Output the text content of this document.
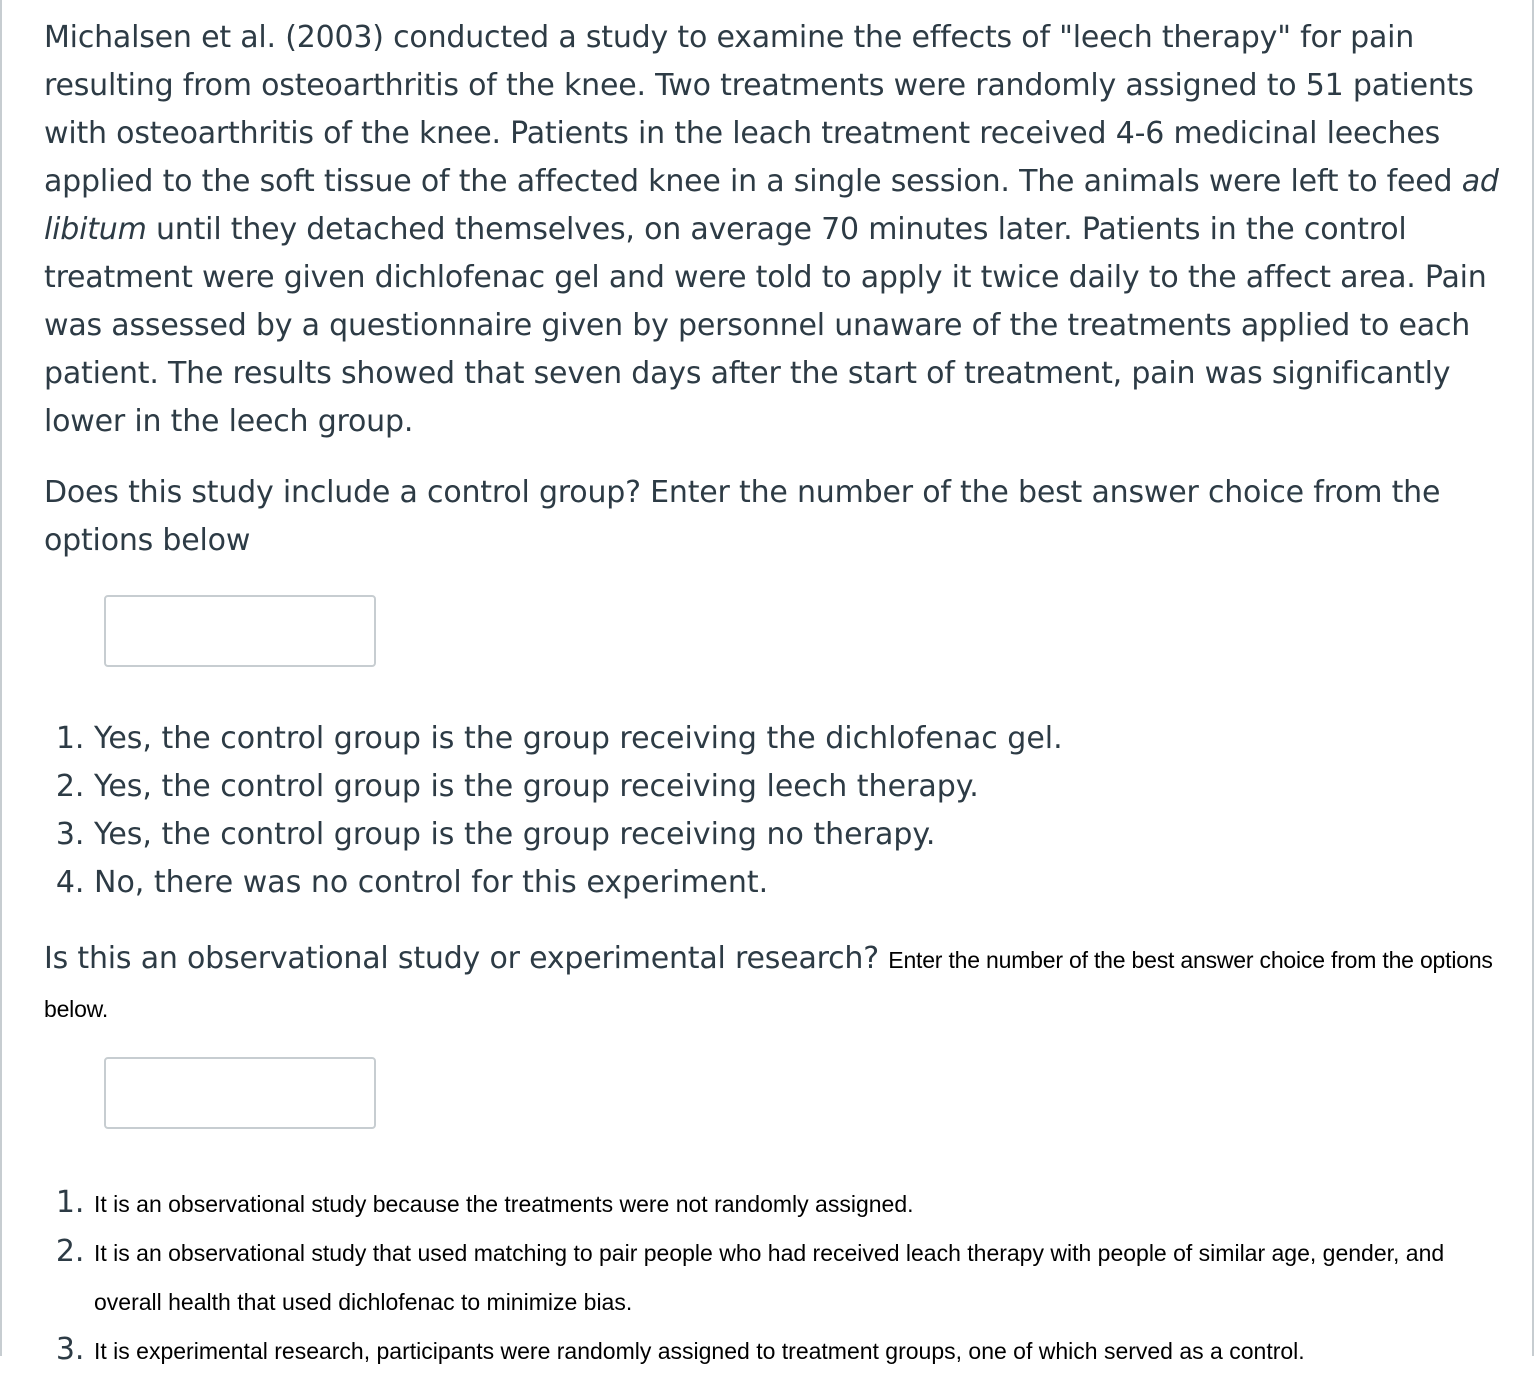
Michalsen et al. (2003) conducted a study to examine the effects of "leech therapy" for pain resulting from osteoarthritis of the knee. Two treatments were randomly assigned to 51 patients with osteoarthritis of the knee. Patients in the leach treatment received 4-6 medicinal leeches applied to the soft tissue of the affected knee in a single session. The animals were left to feed ad libitum until they detached themselves, on average 70 minutes later. Patients in the control treatment were given dichlofenac gel and were told to apply it twice daily to the affect area. Pain was assessed by a questionnaire given by personnel unaware of the treatments applied to each patient. The results showed that seven days after the start of treatment, pain was significantly lower in the leech group.

Does this study include a control group? Enter the number of the best answer choice from the options below

1. Yes, the control group is the group receiving the dichlofenac gel.
2. Yes, the control group is the group receiving leech therapy.
3. Yes, the control group is the group receiving no therapy.
4. No, there was no control for this experiment.

Is this an observational study or experimental research? Enter the number of the best answer choice from the options below.

1. It is an observational study because the treatments were not randomly assigned.
2. It is an observational study that used matching to pair people who had received leach therapy with people of similar age, gender, and overall health that used dichlofenac to minimize bias.
3. It is experimental research, participants were randomly assigned to treatment groups, one of which served as a control.
